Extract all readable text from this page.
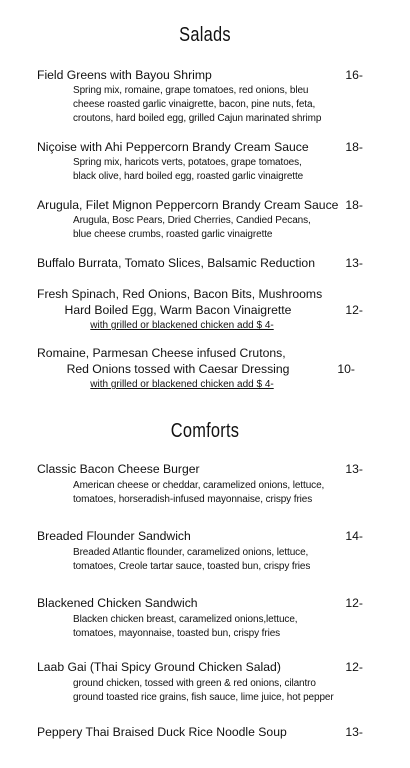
Salads
Field Greens with Bayou Shrimp	16-
Spring mix, romaine, grape tomatoes, red onions, bleu
cheese roasted garlic vinaigrette, bacon, pine nuts, feta,
croutons, hard boiled egg, grilled Cajun marinated shrimp
Niçoise with Ahi Peppercorn Brandy Cream Sauce	18-
Spring mix, haricots verts, potatoes, grape tomatoes,
black olive, hard boiled egg, roasted garlic vinaigrette
Arugula, Filet Mignon Peppercorn Brandy Cream Sauce 18-
Arugula, Bosc Pears, Dried Cherries, Candied Pecans,
blue cheese crumbs, roasted garlic vinaigrette
Buffalo Burrata, Tomato Slices, Balsamic Reduction	13-
Fresh Spinach, Red Onions, Bacon Bits, Mushrooms
Hard Boiled Egg, Warm Bacon Vinaigrette	12-
with grilled or blackened chicken add $ 4-
Romaine, Parmesan Cheese infused Crutons,
Red Onions tossed with Caesar Dressing	10-
with grilled or blackened chicken add $ 4-
Comforts
Classic Bacon Cheese Burger	13-
American cheese or cheddar, caramelized onions, lettuce,
tomatoes, horseradish-infused mayonnaise, crispy fries
Breaded Flounder Sandwich	14-
Breaded Atlantic flounder, caramelized onions, lettuce,
tomatoes, Creole tartar sauce, toasted bun, crispy fries
Blackened Chicken Sandwich	12-
Blacken chicken breast, caramelized onions,lettuce,
tomatoes, mayonnaise, toasted bun, crispy fries
Laab Gai (Thai Spicy Ground Chicken Salad)	12-
ground chicken, tossed with green & red onions, cilantro
ground toasted rice grains, fish sauce, lime juice, hot pepper
Peppery Thai Braised Duck Rice Noodle Soup	13-
